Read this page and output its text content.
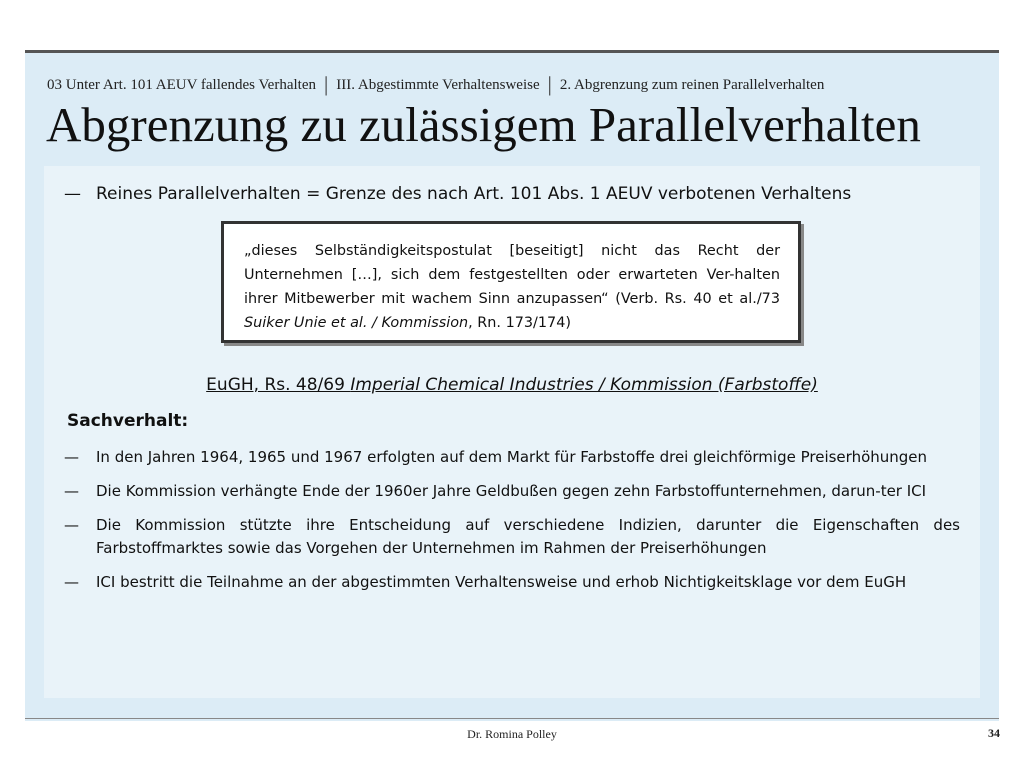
03 Unter Art. 101 AEUV fallendes Verhalten | III. Abgestimmte Verhaltensweise | 2. Abgrenzung zum reinen Parallelverhalten
Abgrenzung zu zulässigem Parallelverhalten
— Reines Parallelverhalten = Grenze des nach Art. 101 Abs. 1 AEUV verbotenen Verhaltens
„dieses Selbständigkeitspostulat [beseitigt] nicht das Recht der Unternehmen […], sich dem festgestellten oder erwarteten Ver-halten ihrer Mitbewerber mit wachem Sinn anzupassen“ (Verb. Rs. 40 et al./73 Suiker Unie et al. / Kommission, Rn. 173/174)
EuGH, Rs. 48/69 Imperial Chemical Industries / Kommission (Farbstoffe)
Sachverhalt:
—	In den Jahren 1964, 1965 und 1967 erfolgten auf dem Markt für Farbstoffe drei gleichförmige Preiserhöhungen
—	Die Kommission verhängte Ende der 1960er Jahre Geldbußen gegen zehn Farbstoffunternehmen, darun-ter ICI
—	Die Kommission stützte ihre Entscheidung auf verschiedene Indizien, darunter die Eigenschaften des Farbstoffmarktes sowie das Vorgehen der Unternehmen im Rahmen der Preiserhöhungen
—	ICI bestritt die Teilnahme an der abgestimmten Verhaltensweise und erhob Nichtigkeitsklage vor dem EuGH
Dr. Romina Polley	34
